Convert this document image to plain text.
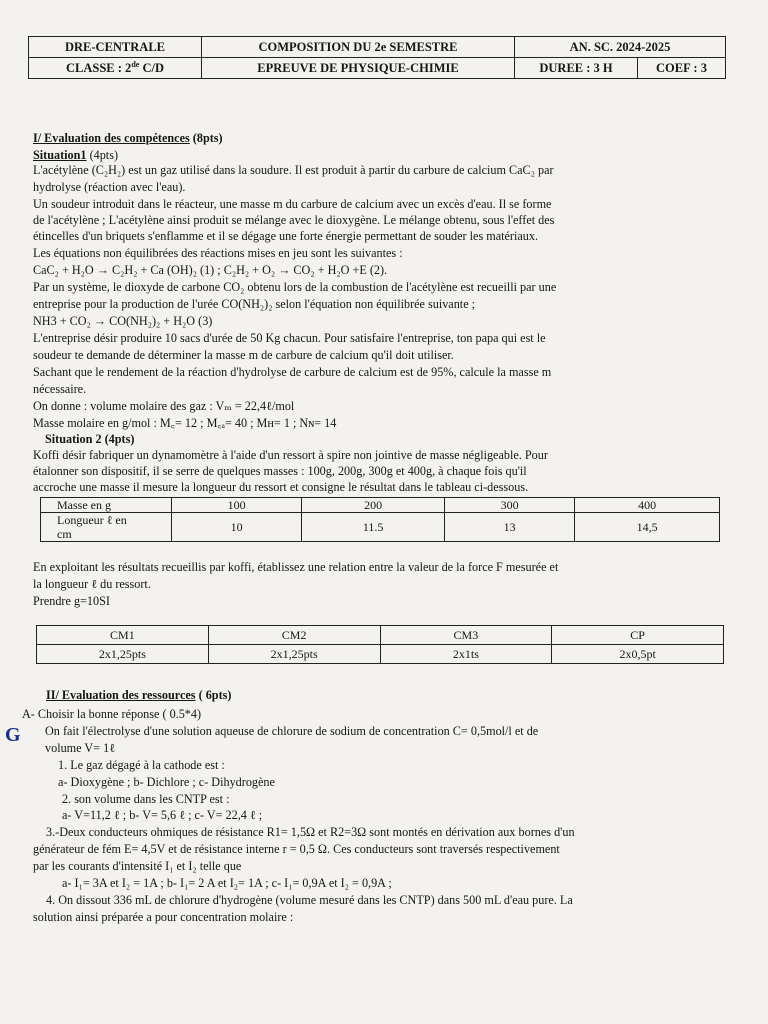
DRE-CENTRALE	COMPOSITION DU 2e SEMESTRE	AN. SC. 2024-2025	
CLASSE : 2de C/D	EPREUVE DE PHYSIQUE-CHIMIE	DUREE : 3 H	COEF : 3
I/ Evaluation des compétences (8pts)
Situation1 (4pts)
L'acétylène (C₂H₂) est un gaz utilisé dans la soudure. Il est produit à partir du carbure de calcium CaC₂ par
hydrolyse (réaction avec l'eau).
Un soudeur introduit dans le réacteur, une masse m du carbure de calcium avec un excès d'eau. Il se forme
de l'acétylène ; L'acétylène ainsi produit se mélange avec le dioxygène. Le mélange obtenu, sous l'effet des
étincelles d'un briquets s'enflamme et il se dégage une forte énergie permettant de souder les matériaux.
Les équations non équilibrées des réactions mises en jeu sont les suivantes :
CaC₂ + H₂O → C₂H₂ + Ca (OH)₂ (1) ; C₂H₂ + O₂ → CO₂ + H₂O +E (2).
Par un système, le dioxyde de carbone CO₂ obtenu lors de la combustion de l'acétylène est recueilli par une
entreprise pour la production de l'urée CO(NH₂)₂ selon l'équation non équilibrée suivante ;
NH3 + CO₂ → CO(NH₂)₂ + H₂O (3)
L'entreprise désir produire 10 sacs d'urée de 50 Kg chacun. Pour satisfaire l'entreprise, ton papa qui est le
soudeur te demande de déterminer la masse m de carbure de calcium qu'il doit utiliser.
Sachant que le rendement de la réaction d'hydrolyse de carbure de calcium est de 95%, calcule la masse m
nécessaire.
On donne : volume molaire des gaz : Vₘ = 22,4ℓ/mol
Masse molaire en g/mol : M꜀= 12 ; M꜀ₐ= 40 ; Mн= 1 ; Nɴ= 14
Situation 2 (4pts)
Koffi désir fabriquer un dynamomètre à l'aide d'un ressort à spire non jointive de masse négligeable. Pour
étalonner son dispositif, il se serre de quelques masses : 100g, 200g, 300g et 400g, à chaque fois qu'il
accroche une masse il mesure la longueur du ressort et consigne le résultat dans le tableau ci-dessous.
Masse en g	100	200	300	400
Longueur ℓ en
cm	10	11.5	13	14,5
En exploitant les résultats recueillis par koffi, établissez une relation entre la valeur de la force F mesurée et
la longueur ℓ du ressort.
Prendre g=10SI
CM1	CM2	CM3	CP
2x1,25pts	2x1,25pts	2x1ts	2x0,5pt
II/ Evaluation des ressources ( 6pts)
A- Choisir la bonne réponse ( 0.5*4)
G On fait l'électrolyse d'une solution aqueuse de chlorure de sodium de concentration C= 0,5mol/l et de
volume V= 1ℓ
1. Le gaz dégagé à la cathode est :
a- Dioxygène ; b- Dichlore ; c- Dihydrogène
2. son volume dans les CNTP est :
a- V=11,2 ℓ ; b- V= 5,6 ℓ ; c- V= 22,4 ℓ ;
3.-Deux conducteurs ohmiques de résistance R1= 1,5Ω et R2=3Ω sont montés en dérivation aux bornes d'un
générateur de fém E= 4,5V et de résistance interne r = 0,5 Ω. Ces conducteurs sont traversés respectivement
par les courants d'intensité I₁ et I₂ telle que
a- I₁= 3A et I₂ = 1A ; b- I₁= 2 A et I₂= 1A ; c- I₁= 0,9A et I₂ = 0,9A ;
4. On dissout 336 mL de chlorure d'hydrogène (volume mesuré dans les CNTP) dans 500 mL d'eau pure. La
solution ainsi préparée a pour concentration molaire :
